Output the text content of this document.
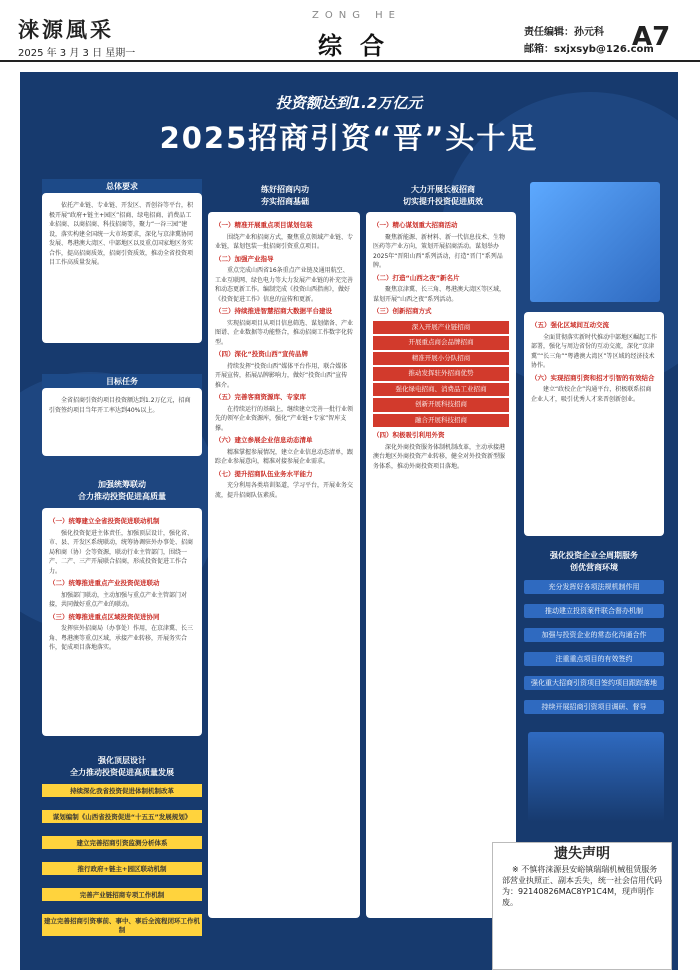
涞源風采
2025 年 3 月 3 日 星期一
ZONG HE
综合	责任编辑：孙元科
邮箱：sxjxsyb@126.com
A7
投资额达到1.2万亿元
2025招商引资“晋”头十足
总体要求
依托产业链、专业链、开发区、晋创谷等平台，积极开展“政府+链主+园区”招商、绿电招商、消费品工业招商、以商招商、科技招商等，聚力“一谷三园”建设，落实构建全国统一大市场要求，深化与京津冀协同发展、粤港澳大湾区、中部地区以及重点国家地区务实合作，提高招商质效，招商引资质效，推动全省投资项目工作高质量发展。
目标任务
全省招商引资约项目投资额达到1.2万亿元，招商引资签约项目当年开工率达到40%以上。
加强统筹联动
合力推动投资促进高质量
（一）统筹建立全省投资促进联动机制
强化投资促进主体责任，加强顶层设计，强化省、市、县、开发区系统联动，统筹协调驻外办事处、招商局和商（协）会等资源，联动行业主管部门，围绕一产、二产、三产开展联合招商，形成投资促进工作合力。
（二）统筹推进重点产业投资促进联动
加强部门联动，主动加强与重点产业主管部门对接，共同做好重点产业的联动。
（三）统筹推进重点区域投资促进协同
发挥驻外招商局（办事处）作用，在京津冀、长三角、粤港澳等重点区域，承接产业转移，开展务实合作，促成项目落地落实。
强化顶层设计
全力推动投资促进高质量发展
持续深化我省投资促进体制机制改革
谋划编制《山西省投资促进“十五五”发展规划》
建立完善招商引资监测分析体系
推行政府+链主+园区联动机制
完善产业链招商专项工作机制
建立完善招商引资事前、事中、事后全流程闭环工作机制
练好招商内功
夯实招商基础
（一）精准开展重点项目谋划包装
围绕产业和招商方式，聚焦重点领域产业链、专业链，谋划包装一批招商引资重点项目。
（二）加强产业指导
重点完成山西省16条重点产业链及通用航空、工业互联网、绿色电力等大力发展产业链的补充完善和动态更新工作。编制完成《投资山西指南》，做好《投资促进工作》信息的宣传和更新。
（三）持续推进智慧招商大数据平台建设
实现招商项目从项目信息筛选、谋划储备、产业图谱、企业数据等功能整合，推动招商工作数字化转型。
（四）深化“投资山西”宣传品牌
持续发挥“投资山西”媒体平台作用，联合媒体开展宣传，拓展品牌影响力，做好“投资山西”宣传推介。
（五）完善客商资源库、专家库
在持续运行的基础上，继续建立完善一批行业领先的领军企业资源库，强化“产业链+专家”智库支撑。
（六）建立参展企业信息动态清单
精准掌握参展情况，建立企业信息动态清单，跟踪企业参展意向，精准对接参展企业需求。
（七）提升招商队伍业务水平能力
充分利用各类培训渠道，学习平台，开展业务交流，提升招商队伍素质。
大力开展长板招商
切实提升投资促进质效
（一）精心谋划重大招商活动
聚焦新能源、新材料、新一代信息技术、生物医药等产业方向，策划开展招商活动。谋划举办2025年“晋阳山西”系列活动，打造“晋门”系列品牌。
（二）打造“山西之夜”新名片
聚焦京津冀、长三角、粤港澳大湾区等区域，谋划开展“山西之夜”系列活动。
（三）创新招商方式
深入开展产业链招商
开展重点商会品牌招商
精准开展小分队招商
推动发挥驻外招商优势
强化绿电招商、消费品工业招商
创新开展科技招商
融合开展科技招商
（四）积极吸引利用外资
深化外商投资服务体制机制改革，主动承接港澳台地区外商投资产业转移，健全对外投资新型服务体系，推动外商投资项目落地。
（五）强化区域间互动交流
全面贯彻落实新时代推动中部地区崛起工作部署，强化与周边省份的互动交流，深化“京津冀”“长三角”“粤港澳大湾区”等区域的经济技术协作。
（六）实现招商引资和招才引智的有效结合
建立“政校企企”沟通平台，积极联系招商企业人才，吸引优秀人才来晋创新创业。
强化投资企业全周期服务
创优营商环境
充分发挥好各项法规机制作用
推动建立投资案件联合督办机制
加强与投资企业的常态化沟通合作
注重重点项目的有效签约
强化重大招商引资项目签约项目跟踪落地
持续开展招商引资项目调研、督导
遗失声明
※ 不慎将涞源县安峪镇瑞瑞机械租赁服务部营业执照正、副本丢失，统一社会信用代码为：92140826MAC8YP1C4M，现声明作废。
